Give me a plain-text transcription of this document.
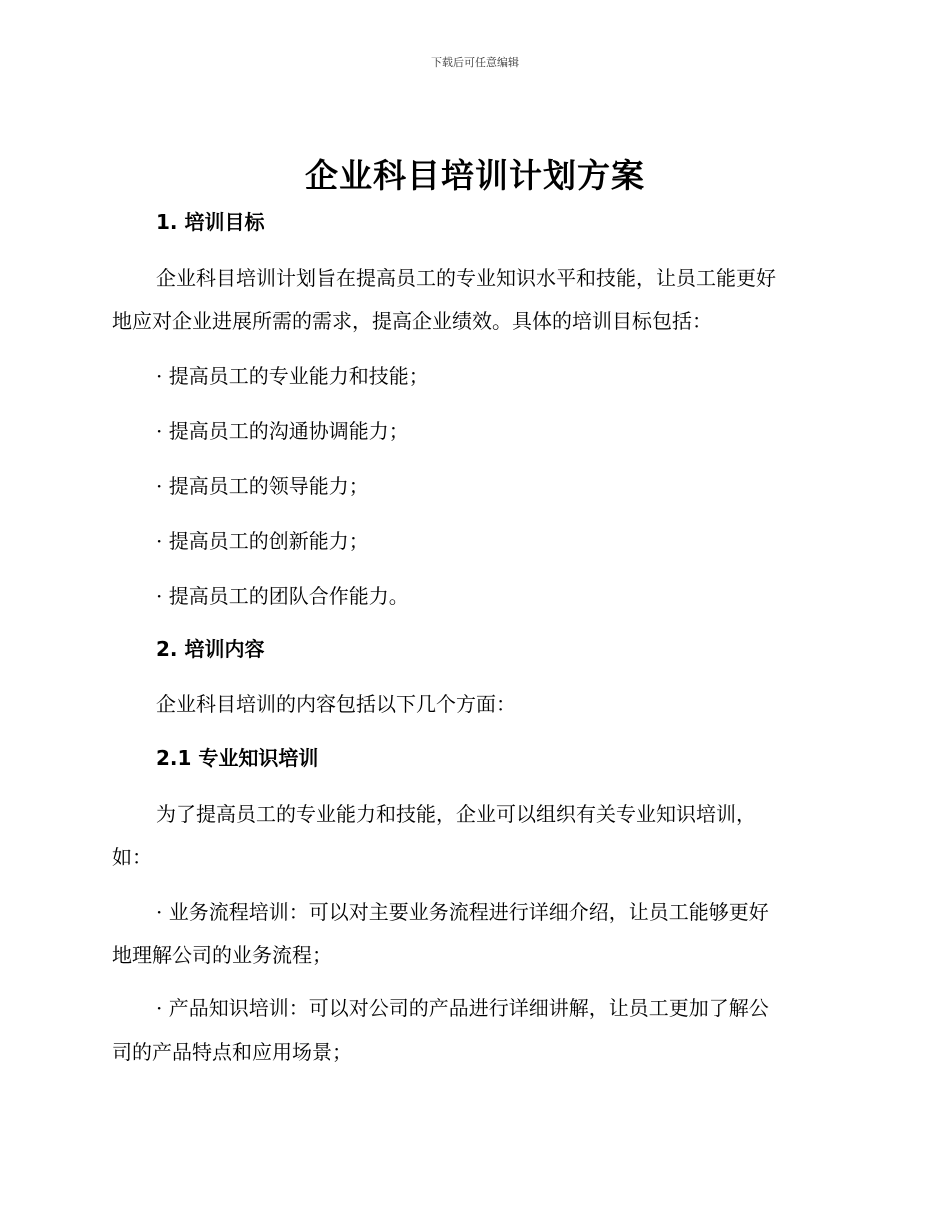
下载后可任意编辑
企业科目培训计划方案

1. 培训目标

企业科目培训计划旨在提高员工的专业知识水平和技能，让员工能更好

地应对企业进展所需的需求，提高企业绩效。具体的培训目标包括：

· 提高员工的专业能力和技能；

· 提高员工的沟通协调能力；

· 提高员工的领导能力；

· 提高员工的创新能力；

· 提高员工的团队合作能力。

2. 培训内容

企业科目培训的内容包括以下几个方面：

2.1 专业知识培训

为了提高员工的专业能力和技能，企业可以组织有关专业知识培训，

如：

· 业务流程培训：可以对主要业务流程进行详细介绍，让员工能够更好

地理解公司的业务流程；

· 产品知识培训：可以对公司的产品进行详细讲解，让员工更加了解公

司的产品特点和应用场景；
